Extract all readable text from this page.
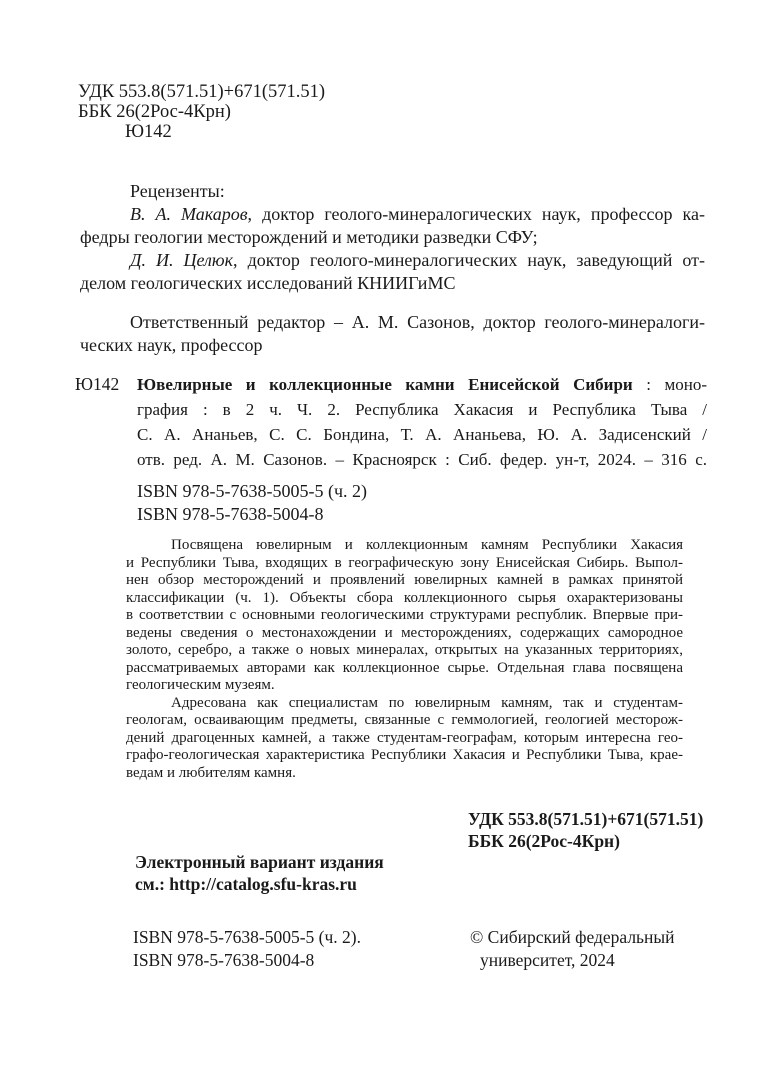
УДК 553.8(571.51)+671(571.51)
ББК 26(2Рос-4Крн)
Ю142
Рецензенты:
В. А. Макаров, доктор геолого-минералогических наук, профессор ка-
федры геологии месторождений и методики разведки СФУ;
Д. И. Целюк, доктор геолого-минералогических наук, заведующий от-
делом геологических исследований КНИИГиМС
Ответственный редактор – А. М. Сазонов, доктор геолого-минералоги-
ческих наук, профессор
Ю142 Ювелирные и коллекционные камни Енисейской Сибири : моно-
графия : в 2 ч. Ч. 2. Республика Хакасия и Республика Тыва /
С. А. Ананьев, С. С. Бондина, Т. А. Ананьева, Ю. А. Задисенский /
отв. ред. А. М. Сазонов. – Красноярск : Сиб. федер. ун-т, 2024. – 316 с.
ISBN 978-5-7638-5005-5 (ч. 2)
ISBN 978-5-7638-5004-8
Посвящена ювелирным и коллекционным камням Республики Хакасия
и Республики Тыва, входящих в географическую зону Енисейская Сибирь. Выпол-
нен обзор месторождений и проявлений ювелирных камней в рамках принятой
классификации (ч. 1). Объекты сбора коллекционного сырья охарактеризованы
в соответствии с основными геологическими структурами республик. Впервые при-
ведены сведения о местонахождении и месторождениях, содержащих самородное
золото, серебро, а также о новых минералах, открытых на указанных территориях,
рассматриваемых авторами как коллекционное сырье. Отдельная глава посвящена
геологическим музеям.
Адресована как специалистам по ювелирным камням, так и студентам-
геологам, осваивающим предметы, связанные с геммологией, геологией месторож-
дений драгоценных камней, а также студентам-географам, которым интересна гео-
графо-геологическая характеристика Республики Хакасия и Республики Тыва, крае-
ведам и любителям камня.
УДК 553.8(571.51)+671(571.51)
ББК 26(2Рос-4Крн)
Электронный вариант издания
см.: http://catalog.sfu-kras.ru
ISBN 978-5-7638-5005-5 (ч. 2).
ISBN 978-5-7638-5004-8
© Сибирский федеральный
университет, 2024
